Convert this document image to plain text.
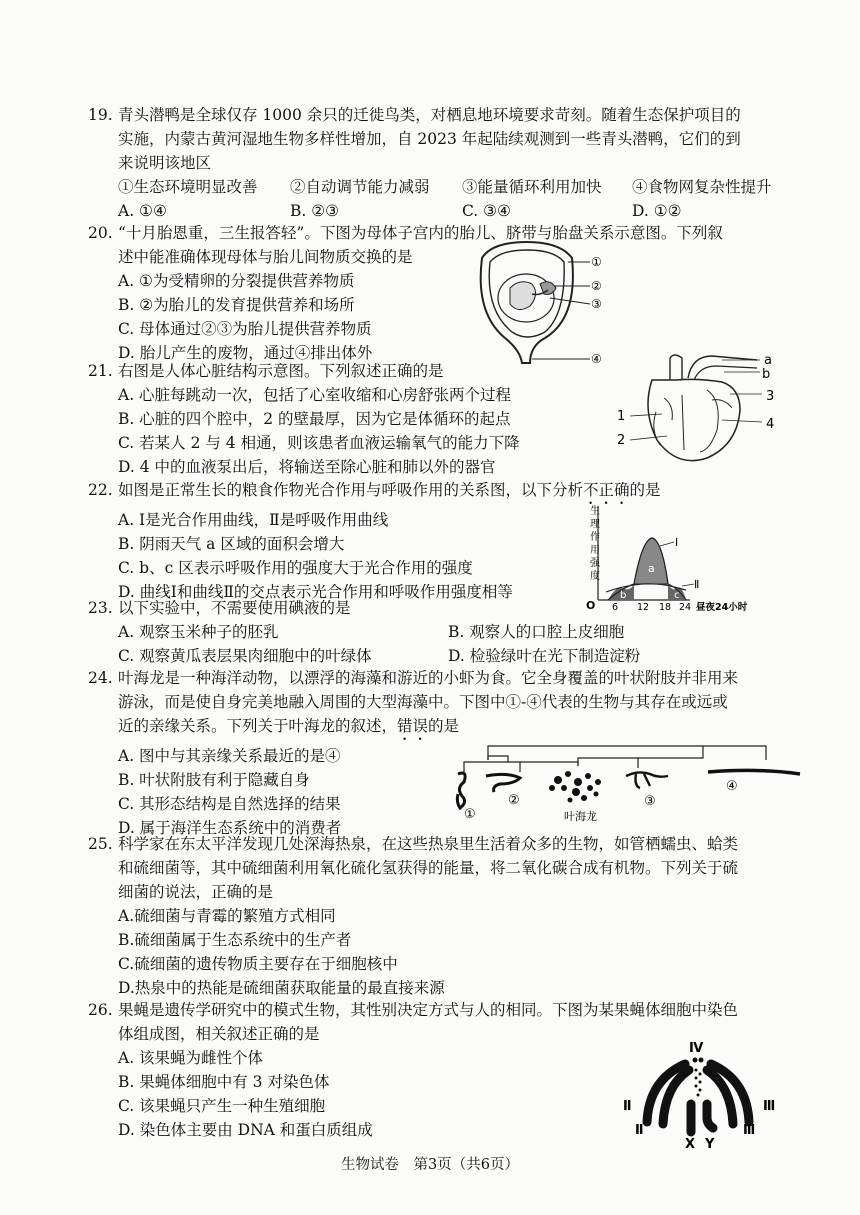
19. 青头潜鸭是全球仅存 1000 余只的迁徙鸟类，对栖息地环境要求苛刻。随着生态保护项目的
实施，内蒙古黄河湿地生物多样性增加，自 2023 年起陆续观测到一些青头潜鸭，它们的到
来说明该地区
①生态环境明显改善	②自动调节能力减弱	③能量循环利用加快	④食物网复杂性提升
A. ①④	B. ②③	C. ③④	D. ①②
20. “十月胎恩重，三生报答轻”。下图为母体子宫内的胎儿、脐带与胎盘关系示意图。下列叙
述中能准确体现母体与胎儿间物质交换的是
A. ①为受精卵的分裂提供营养物质
B. ②为胎儿的发育提供营养和场所
C. 母体通过②③为胎儿提供营养物质
D. 胎儿产生的废物，通过④排出体外
①
②
③
④
21. 右图是人体心脏结构示意图。下列叙述正确的是
A. 心脏每跳动一次，包括了心室收缩和心房舒张两个过程
B. 心脏的四个腔中，2 的壁最厚，因为它是体循环的起点
C. 若某人 2 与 4 相通，则该患者血液运输氧气的能力下降
D. 4 中的血液泵出后，将输送至除心脏和肺以外的器官
a
b
3
4
1
2
22. 如图是正常生长的粮食作物光合作用与呼吸作用的关系图，以下分析不正确的是
A. Ⅰ是光合作用曲线，Ⅱ是呼吸作用曲线
B. 阴雨天气 a 区域的面积会增大
C. b、c 区表示呼吸作用的强度大于光合作用的强度
D. 曲线Ⅰ和曲线Ⅱ的交点表示光合作用和呼吸作用强度相等
O
生
理
作
用
强
度
Ⅰ
Ⅱ
a
b	c
6 12 18 24 昼夜24小时
23. 以下实验中，不需要使用碘液的是
A. 观察玉米种子的胚乳	B. 观察人的口腔上皮细胞
C. 观察黄瓜表层果肉细胞中的叶绿体	D. 检验绿叶在光下制造淀粉
24. 叶海龙是一种海洋动物，以漂浮的海藻和游近的小虾为食。它全身覆盖的叶状附肢并非用来
游泳，而是使自身完美地融入周围的大型海藻中。下图中①-④代表的生物与其存在或远或
近的亲缘关系。下列关于叶海龙的叙述，错误的是
A. 图中与其亲缘关系最近的是④
B. 叶状附肢有利于隐藏自身
C. 其形态结构是自然选择的结果
D. 属于海洋生态系统中的消费者
①
②	③
④
叶海龙
25. 科学家在东太平洋发现几处深海热泉，在这些热泉里生活着众多的生物，如管栖蠕虫、蛤类
和硫细菌等，其中硫细菌利用氧化硫化氢获得的能量，将二氧化碳合成有机物。下列关于硫
细菌的说法，正确的是
A.硫细菌与青霉的繁殖方式相同
B.硫细菌属于生态系统中的生产者
C.硫细菌的遗传物质主要存在于细胞核中
D.热泉中的热能是硫细菌获取能量的最直接来源
26. 果蝇是遗传学研究中的模式生物，其性别决定方式与人的相同。下图为某果蝇体细胞中染色
体组成图，相关叙述正确的是
A. 该果蝇为雌性个体
B. 果蝇体细胞中有 3 对染色体
C. 该果蝇只产生一种生殖细胞
D. 染色体主要由 DNA 和蛋白质组成
Ⅳ
Ⅱ
Ⅱ
Ⅲ
Ⅲ
X Y
生物试卷　第3页（共6页）
